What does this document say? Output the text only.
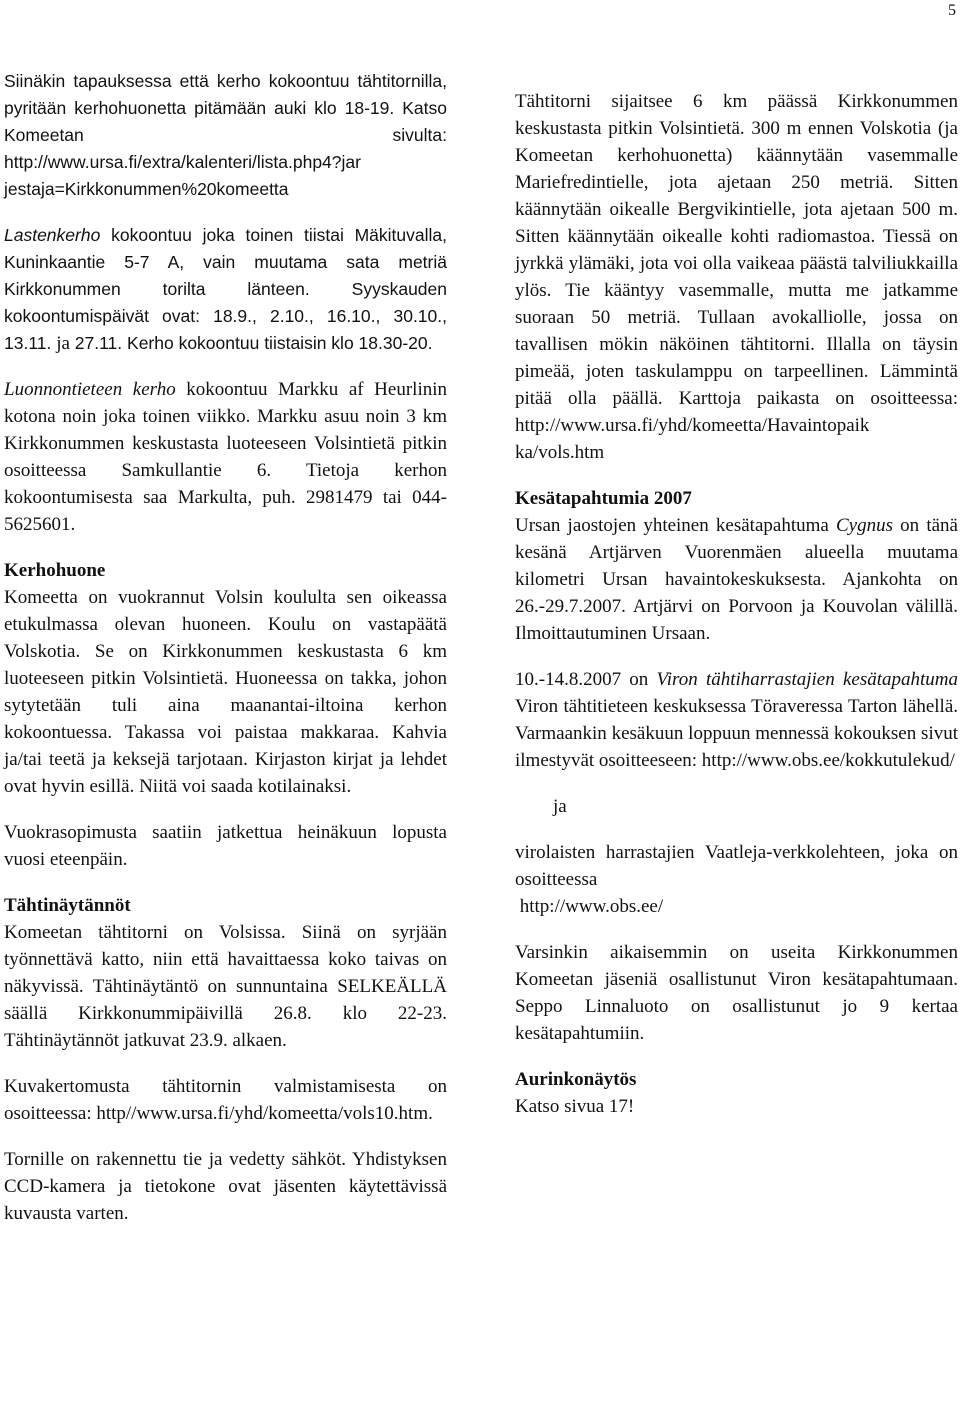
5

Siinäkin tapauksessa että kerho kokoontuu tähtitornilla, pyritään kerhohuonetta pitämään auki klo 18-19. Katso Komeetan sivulta: http://www.ursa.fi/extra/kalenteri/lista.php4?jar jestaja=Kirkkonummen%20komeetta

Lastenkerho kokoontuu joka toinen tiistai Mäkituvalla, Kuninkaantie 5-7 A, vain muutama sata metriä Kirkkonummen torilta länteen. Syyskauden kokoontumispäivät ovat: 18.9., 2.10., 16.10., 30.10., 13.11. ja 27.11. Kerho kokoontuu tiistaisin klo 18.30-20.

Luonnontieteen kerho kokoontuu Markku af Heurlinin kotona noin joka toinen viikko. Markku asuu noin 3 km Kirkkonummen keskustasta luoteeseen Volsintietä pitkin osoitteessa Samkullantie 6. Tietoja kerhon kokoontumisesta saa Markulta, puh. 2981479 tai 044-5625601.

Kerhohuone

Komeetta on vuokrannut Volsin koululta sen oikeassa etukulmassa olevan huoneen. Koulu on vastapäätä Volskotia. Se on Kirkkonummen keskustasta 6 km luoteeseen pitkin Volsintietä. Huoneessa on takka, johon sytytetään tuli aina maanantai-iltoina kerhon kokoontuessa. Takassa voi paistaa makkaraa. Kahvia ja/tai teetä ja keksejä tarjotaan. Kirjaston kirjat ja lehdet ovat hyvin esillä. Niitä voi saada kotilainaksi.

Vuokrasopimusta saatiin jatkettua heinäkuun lopusta vuosi eteenpäin.

Tähtinäytännöt

Komeetan tähtitorni on Volsissa. Siinä on syrjään työnnettävä katto, niin että havaittaessa koko taivas on näkyvissä. Tähtinäytäntö on sunnuntaina SELKEÄLLÄ säällä Kirkkonummipäivillä 26.8. klo 22-23. Tähtinäytännöt jatkuvat 23.9. alkaen.

Kuvakertomusta tähtitornin valmistamisesta on osoitteessa: http//www.ursa.fi/yhd/komeetta/vols10.htm.

Tornille on rakennettu tie ja vedetty sähköt. Yhdistyksen CCD-kamera ja tietokone ovat jäsenten käytettävissä kuvausta varten.

Tähtitorni sijaitsee 6 km päässä Kirkkonummen keskustasta pitkin Volsintietä. 300 m ennen Volskotia (ja Komeetan kerhohuonetta) käännytään vasemmalle Mariefredintielle, jota ajetaan 250 metriä. Sitten käännytään oikealle Bergvikintielle, jota ajetaan 500 m. Sitten käännytään oikealle kohti radiomastoa. Tiessä on jyrkkä ylämäki, jota voi olla vaikeaa päästä talviliukkailla ylös. Tie kääntyy vasemmalle, mutta me jatkamme suoraan 50 metriä. Tullaan avokalliolle, jossa on tavallisen mökin näköinen tähtitorni. Illalla on täysin pimeää, joten taskulamppu on tarpeellinen. Lämmintä pitää olla päällä. Karttoja paikasta on osoitteessa: http://www.ursa.fi/yhd/komeetta/Havaintopaik ka/vols.htm

Kesätapahtumia 2007

Ursan jaostojen yhteinen kesätapahtuma Cygnus on tänä kesänä Artjärven Vuorenmäen alueella muutama kilometri Ursan havaintokeskuksesta. Ajankohta on 26.-29.7.2007. Artjärvi on Porvoon ja Kouvolan välillä. Ilmoittautuminen Ursaan.

10.-14.8.2007 on Viron tähtiharrastajien kesätapahtuma Viron tähtitieteen keskuksessa Töraveressa Tarton lähellä. Varmaankin kesäkuun loppuun mennessä kokouksen sivut ilmestyvät osoitteeseen: http://www.obs.ee/kokkutulekud/

ja

virolaisten harrastajien Vaatleja-verkkolehteen, joka on osoitteessa
http://www.obs.ee/

Varsinkin aikaisemmin on useita Kirkkonummen Komeetan jäseniä osallistunut Viron kesätapahtumaan. Seppo Linnaluoto on osallistunut jo 9 kertaa kesätapahtumiin.

Aurinkonäytös

Katso sivua 17!
